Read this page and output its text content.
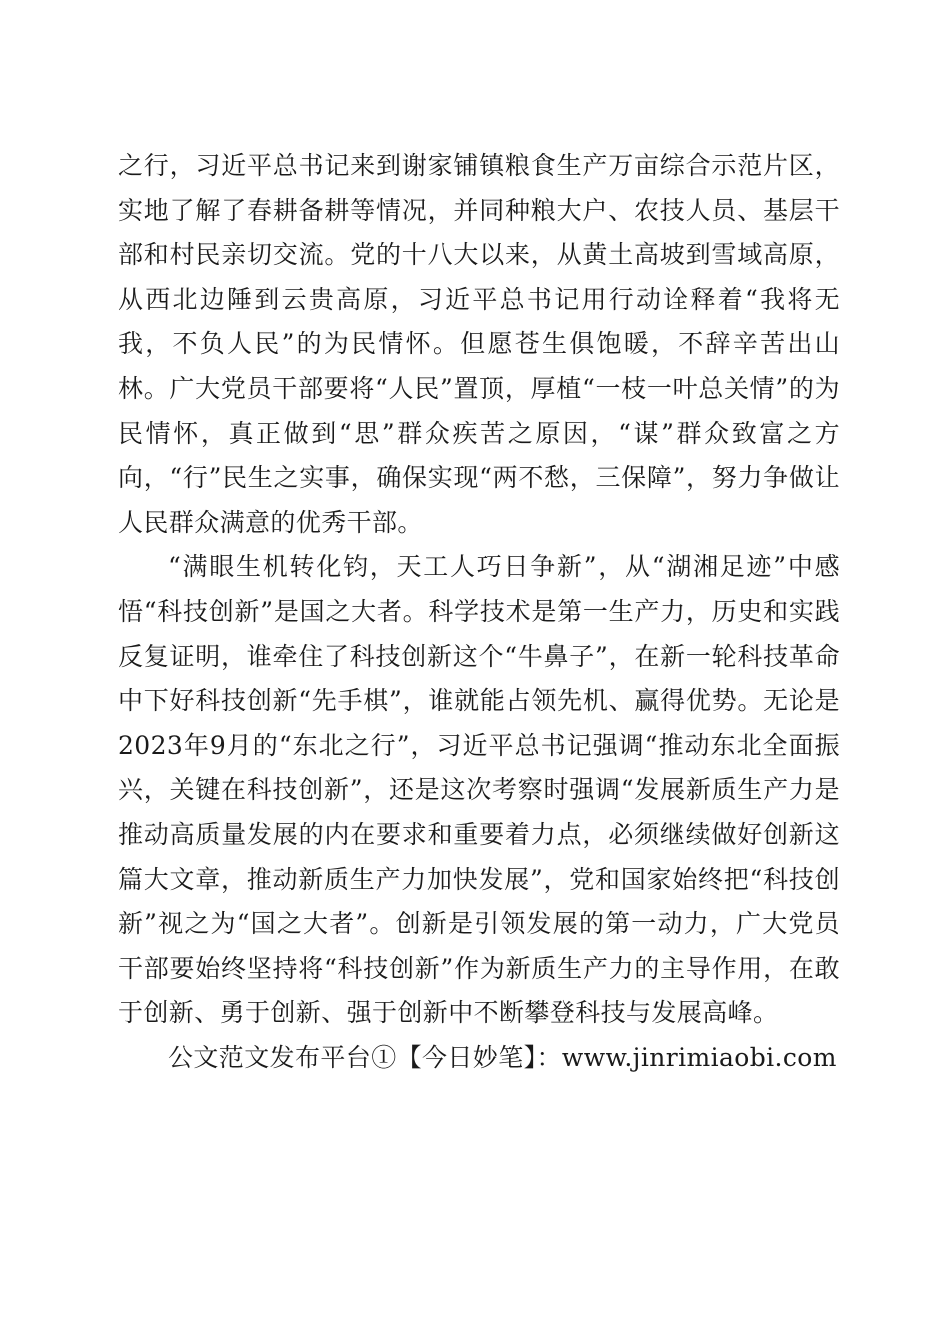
之行，习近平总书记来到谢家铺镇粮食生产万亩综合示范片区，实地了解了春耕备耕等情况，并同种粮大户、农技人员、基层干部和村民亲切交流。党的十八大以来，从黄土高坡到雪域高原，从西北边陲到云贵高原，习近平总书记用行动诠释着“我将无我，不负人民”的为民情怀。但愿苍生俱饱暖，不辞辛苦出山林。广大党员干部要将“人民”置顶，厚植“一枝一叶总关情”的为民情怀，真正做到“思”群众疾苦之原因，“谋”群众致富之方向，“行”民生之实事，确保实现“两不愁，三保障”，努力争做让人民群众满意的优秀干部。

“满眼生机转化钧，天工人巧日争新”，从“湖湘足迹”中感悟“科技创新”是国之大者。科学技术是第一生产力，历史和实践反复证明，谁牵住了科技创新这个“牛鼻子”，在新一轮科技革命中下好科技创新“先手棋”，谁就能占领先机、赢得优势。无论是2023年9月的“东北之行”，习近平总书记强调“推动东北全面振兴，关键在科技创新”，还是这次考察时强调“发展新质生产力是推动高质量发展的内在要求和重要着力点，必须继续做好创新这篇大文章，推动新质生产力加快发展”，党和国家始终把“科技创新”视之为“国之大者”。创新是引领发展的第一动力，广大党员干部要始终坚持将“科技创新”作为新质生产力的主导作用，在敢于创新、勇于创新、强于创新中不断攀登科技与发展高峰。

公文范文发布平台①【今日妙笔】：www.jinrimiaobi.com
